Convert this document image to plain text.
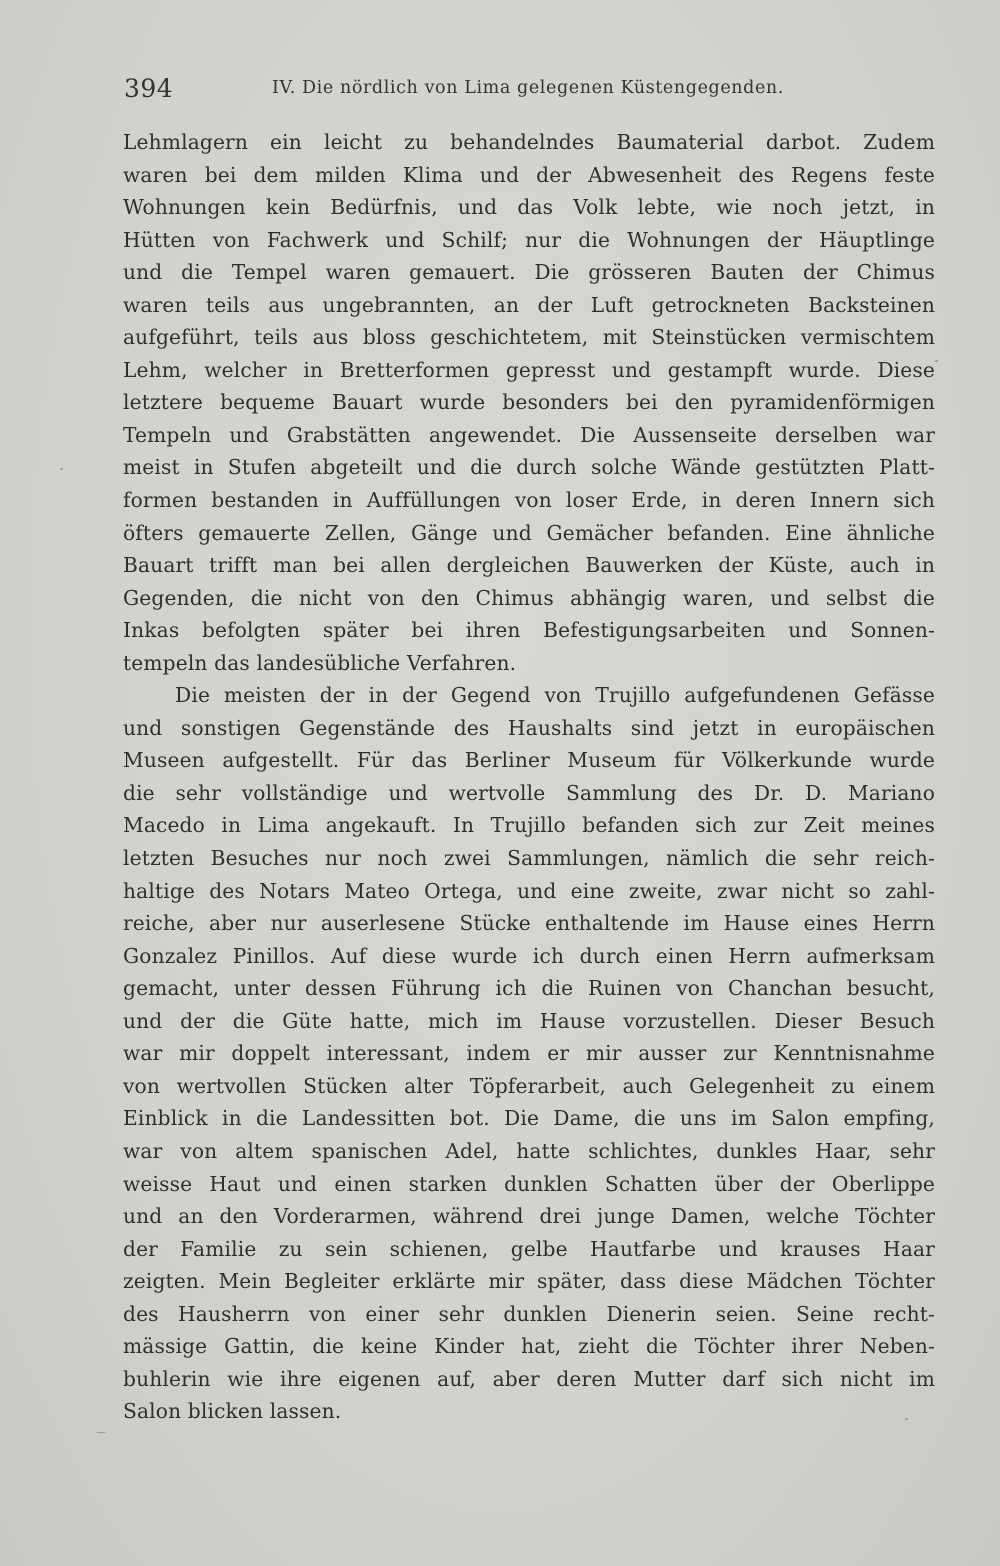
394	IV. Die nördlich von Lima gelegenen Küstengegenden.
Lehmlagern ein leicht zu behandelndes Baumaterial darbot. Zudem
waren bei dem milden Klima und der Abwesenheit des Regens feste
Wohnungen kein Bedürfnis, und das Volk lebte, wie noch jetzt, in
Hütten von Fachwerk und Schilf; nur die Wohnungen der Häuptlinge
und die Tempel waren gemauert. Die grösseren Bauten der Chimus
waren teils aus ungebrannten, an der Luft getrockneten Backsteinen
aufgeführt, teils aus bloss geschichtetem, mit Steinstücken vermischtem
Lehm, welcher in Bretterformen gepresst und gestampft wurde. Diese
letztere bequeme Bauart wurde besonders bei den pyramidenförmigen
Tempeln und Grabstätten angewendet. Die Aussenseite derselben war
meist in Stufen abgeteilt und die durch solche Wände gestützten Platt-
formen bestanden in Auffüllungen von loser Erde, in deren Innern sich
öfters gemauerte Zellen, Gänge und Gemächer befanden. Eine ähnliche
Bauart trifft man bei allen dergleichen Bauwerken der Küste, auch in
Gegenden, die nicht von den Chimus abhängig waren, und selbst die
Inkas befolgten später bei ihren Befestigungsarbeiten und Sonnen-
tempeln das landesübliche Verfahren.
Die meisten der in der Gegend von Trujillo aufgefundenen Gefässe
und sonstigen Gegenstände des Haushalts sind jetzt in europäischen
Museen aufgestellt. Für das Berliner Museum für Völkerkunde wurde
die sehr vollständige und wertvolle Sammlung des Dr. D. Mariano
Macedo in Lima angekauft. In Trujillo befanden sich zur Zeit meines
letzten Besuches nur noch zwei Sammlungen, nämlich die sehr reich-
haltige des Notars Mateo Ortega, und eine zweite, zwar nicht so zahl-
reiche, aber nur auserlesene Stücke enthaltende im Hause eines Herrn
Gonzalez Pinillos. Auf diese wurde ich durch einen Herrn aufmerksam
gemacht, unter dessen Führung ich die Ruinen von Chanchan besucht,
und der die Güte hatte, mich im Hause vorzustellen. Dieser Besuch
war mir doppelt interessant, indem er mir ausser zur Kenntnisnahme
von wertvollen Stücken alter Töpferarbeit, auch Gelegenheit zu einem
Einblick in die Landessitten bot. Die Dame, die uns im Salon empfing,
war von altem spanischen Adel, hatte schlichtes, dunkles Haar, sehr
weisse Haut und einen starken dunklen Schatten über der Oberlippe
und an den Vorderarmen, während drei junge Damen, welche Töchter
der Familie zu sein schienen, gelbe Hautfarbe und krauses Haar
zeigten. Mein Begleiter erklärte mir später, dass diese Mädchen Töchter
des Hausherrn von einer sehr dunklen Dienerin seien. Seine recht-
mässige Gattin, die keine Kinder hat, zieht die Töchter ihrer Neben-
buhlerin wie ihre eigenen auf, aber deren Mutter darf sich nicht im
Salon blicken lassen.
